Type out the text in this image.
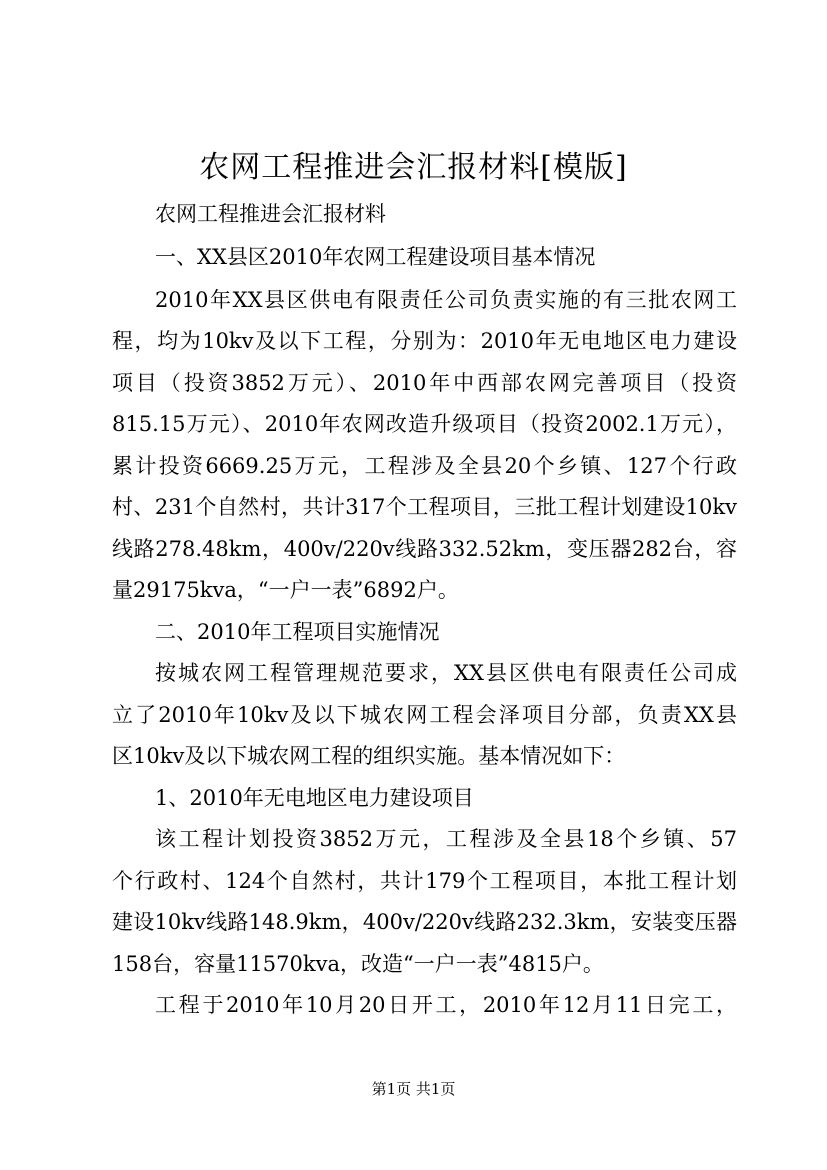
农网工程推进会汇报材料[模版]
农网工程推进会汇报材料
一、XX县区2010年农网工程建设项目基本情况
2010年XX县区供电有限责任公司负责实施的有三批农网工
程，均为10kv及以下工程，分别为：2010年无电地区电力建设
项目（投资3852万元）、2010年中西部农网完善项目（投资
815.15万元）、2010年农网改造升级项目（投资2002.1万元），
累计投资6669.25万元，工程涉及全县20个乡镇、127个行政
村、231个自然村，共计317个工程项目，三批工程计划建设10kv
线路278.48km，400v/220v线路332.52km，变压器282台，容
量29175kva，“一户一表”6892户。
二、2010年工程项目实施情况
按城农网工程管理规范要求，XX县区供电有限责任公司成
立了2010年10kv及以下城农网工程会泽项目分部，负责XX县
区10kv及以下城农网工程的组织实施。基本情况如下：
1、2010年无电地区电力建设项目
该工程计划投资3852万元，工程涉及全县18个乡镇、57
个行政村、124个自然村，共计179个工程项目，本批工程计划
建设10kv线路148.9km，400v/220v线路232.3km，安装变压器
158台，容量11570kva，改造“一户一表”4815户。
工程于2010年10月20日开工，2010年12月11日完工，
第1页 共1页
